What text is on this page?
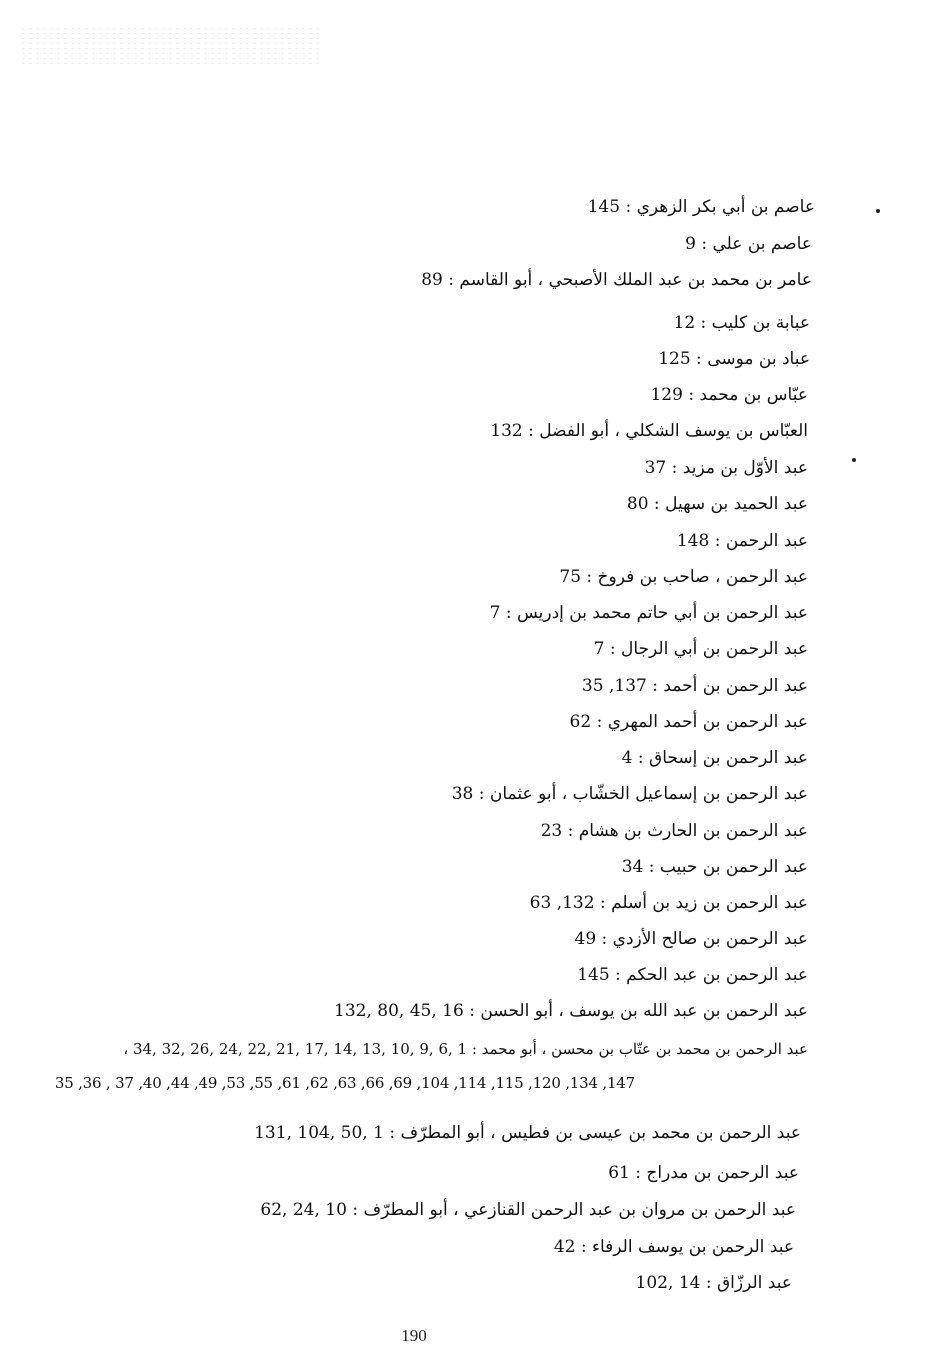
عاصم بن أبي بكر الزهري : 145
عاصم بن علي : 9
عامر بن محمد بن عبد الملك الأصبحي ، أبو القاسم : 89
عبابة بن كليب : 12
عباد بن موسى : 125
عبّاس بن محمد : 129
العبّاس بن يوسف الشكلي ، أبو الفضل : 132
عبد الأوّل بن مزيد : 37
عبد الحميد بن سهيل : 80
عبد الرحمن : 148
عبد الرحمن ، صاحب بن فروخ : 75
عبد الرحمن بن أبي حاتم محمد بن إدريس : 7
عبد الرحمن بن أبي الرجال : 7
عبد الرحمن بن أحمد : 137, 35
عبد الرحمن بن أحمد المهري : 62
عبد الرحمن بن إسحاق : 4
عبد الرحمن بن إسماعيل الخشّاب ، أبو عثمان : 38
عبد الرحمن بن الحارث بن هشام : 23
عبد الرحمن بن حبيب : 34
عبد الرحمن بن زيد بن أسلم : 132, 63
عبد الرحمن بن صالح الأزدي : 49
عبد الرحمن بن عبد الحكم : 145
عبد الرحمن بن عبد الله بن يوسف ، أبو الحسن : 16 ,45 ,80 ,132
عبد الرحمن بن محمد بن عتّاب بن محسن ، أبو محمد : 1 ,6 ,9 ,10 ,13 ,14 ,17 ,21 ,22 ,24 ,26 ,32 ,34 ،
35 ,36 , 37 ,40 ,44 ,49 ,53 ,55 ,61 ,62 ,63 ,66 ,69 ,104 ,114 ,115 ,120 ,134 ,147
عبد الرحمن بن محمد بن عيسى بن فطيس ، أبو المطرّف : 1 ,50 ,104 ,131
عبد الرحمن بن مدراج : 61
عبد الرحمن بن مروان بن عبد الرحمن القنازعي ، أبو المطرّف : 10 ,24 ,62
عبد الرحمن بن يوسف الرفاء : 42
عبد الرزّاق : 14 ,102
190
